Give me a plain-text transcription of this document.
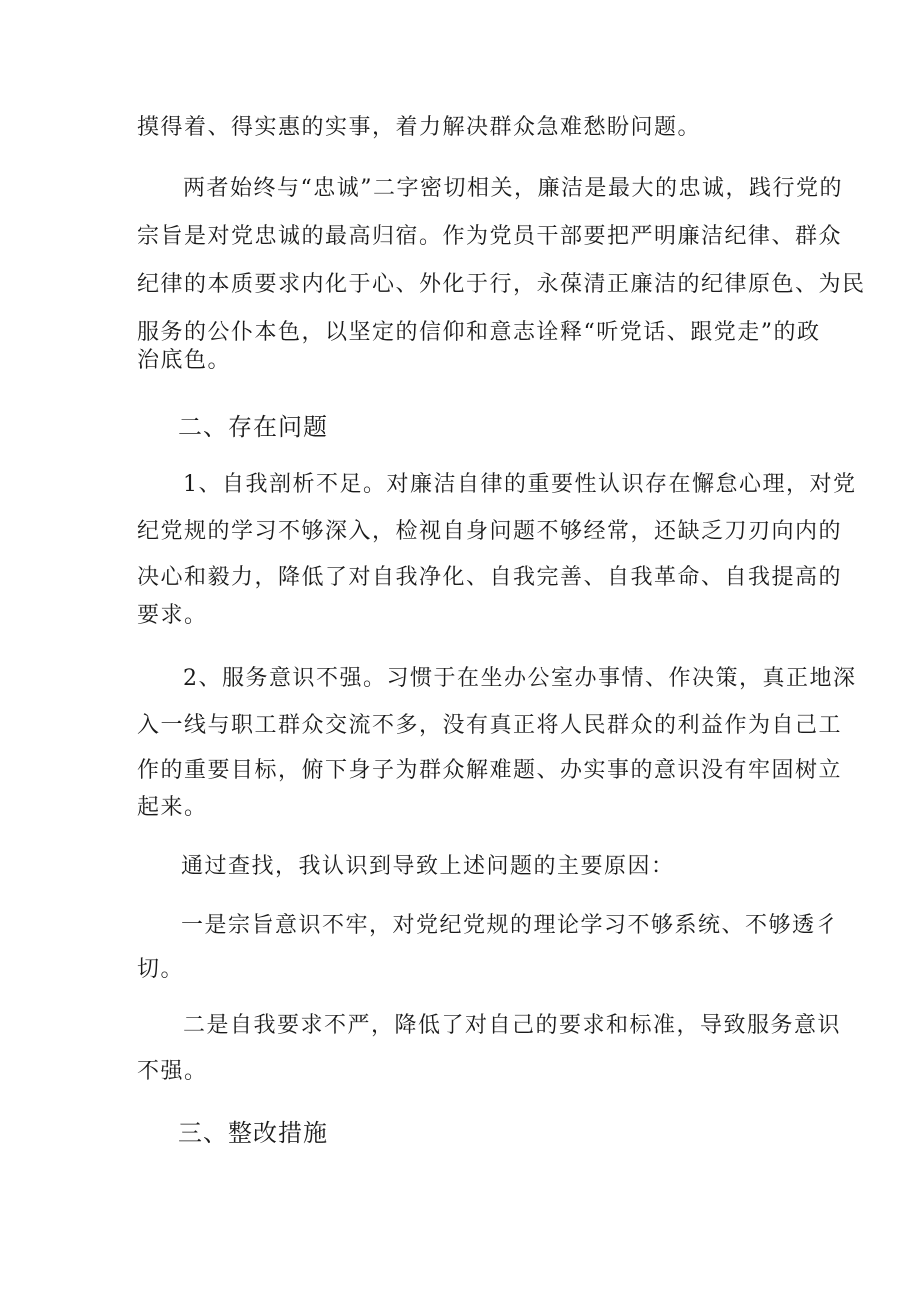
摸得着、得实惠的实事，着力解决群众急难愁盼问题。
两者始终与“忠诚”二字密切相关，廉洁是最大的忠诚，践行党的
宗旨是对党忠诚的最高归宿。作为党员干部要把严明廉洁纪律、群众
纪律的本质要求内化于心、外化于行，永葆清正廉洁的纪律原色、为民
服务的公仆本色，以坚定的信仰和意志诠释“听党话、跟党走”的政
治底色。
二、存在问题
1、自我剖析不足。对廉洁自律的重要性认识存在懈怠心理，对党
纪党规的学习不够深入，检视自身问题不够经常，还缺乏刀刃向内的
决心和毅力，降低了对自我净化、自我完善、自我革命、自我提高的
要求。
2、服务意识不强。习惯于在坐办公室办事情、作决策，真正地深
入一线与职工群众交流不多，没有真正将人民群众的利益作为自己工
作的重要目标，俯下身子为群众解难题、办实事的意识没有牢固树立
起来。
通过查找，我认识到导致上述问题的主要原因：
一是宗旨意识不牢，对党纪党规的理论学习不够系统、不够透彳
切。
二是自我要求不严，降低了对自己的要求和标准，导致服务意识
不强。
三、整改措施
